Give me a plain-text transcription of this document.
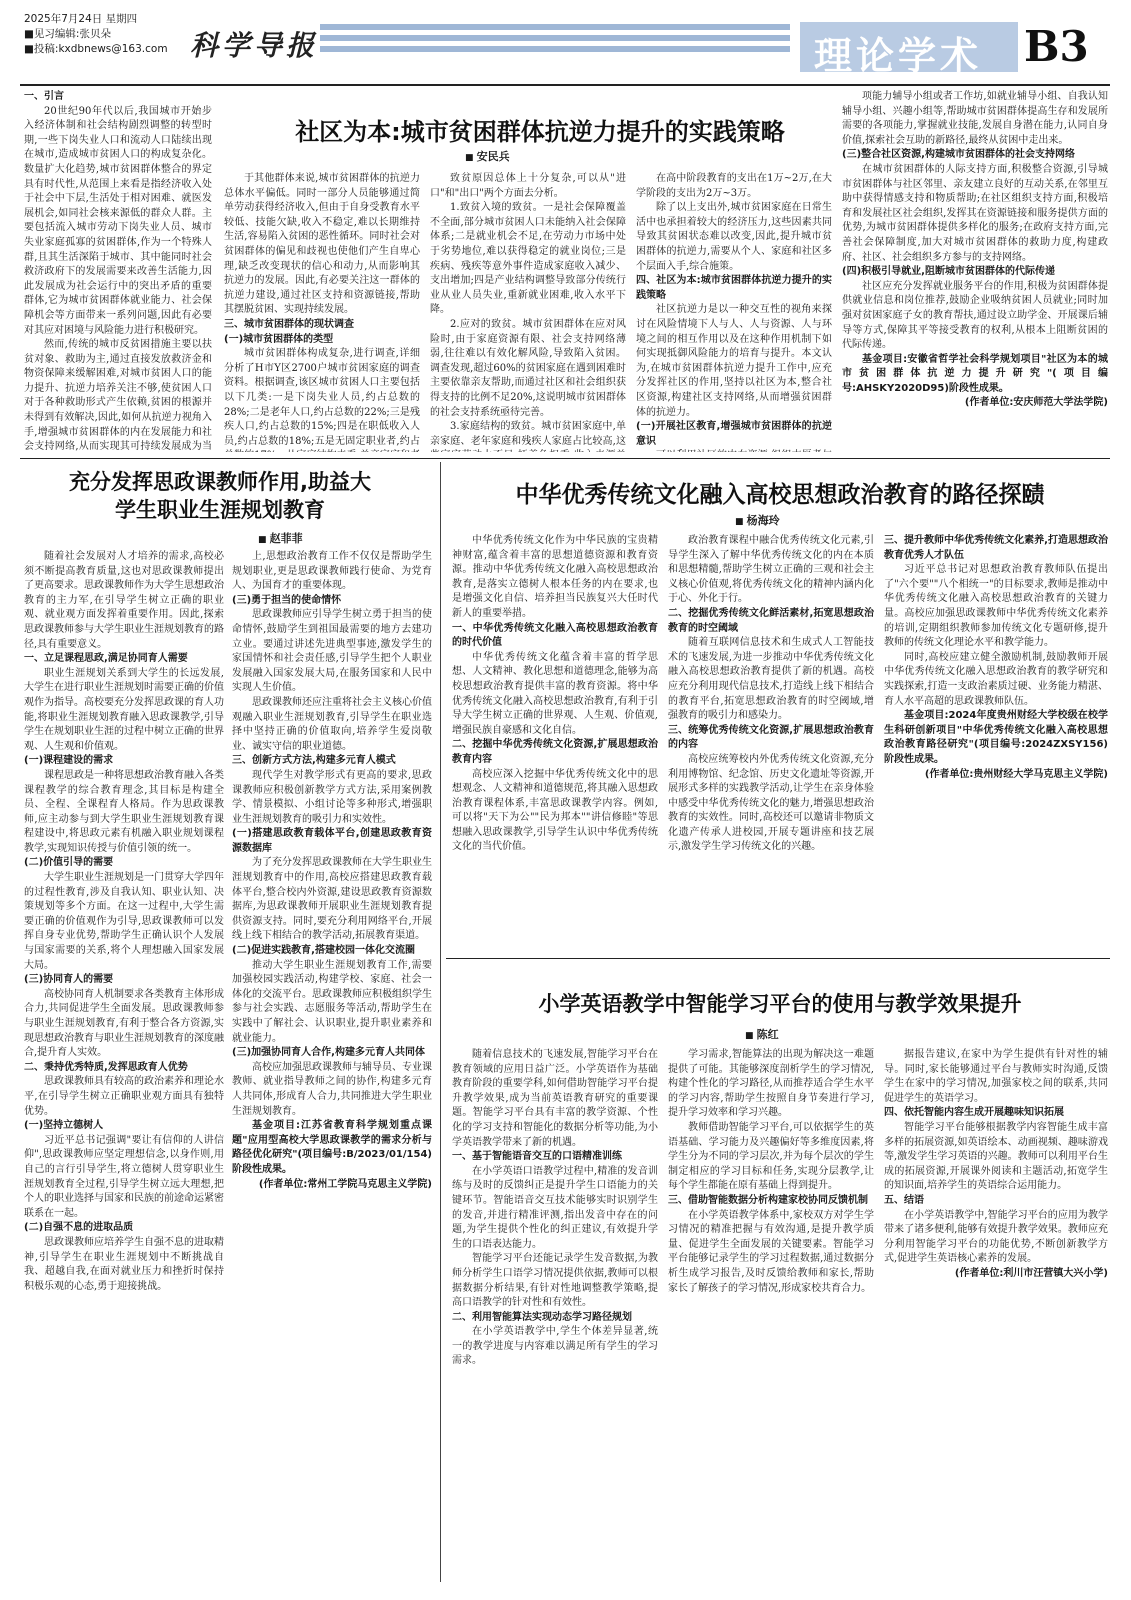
2025年7月24日 星期四
■见习编辑:张贝朵
■投稿:kxdbnews@163.com 科学导报	理论学术 B3
社区为本:城市贫困群体抗逆力提升的实践策略
■ 安民兵

一、引言

20世纪90年代以后,我国城市开始步入经济体制和社会结构剧烈调整的转型时期,一些下岗失业人口和流动人口陆续出现在城市,造成城市贫困人口的构成复杂化。数量扩大化趋势,城市贫困群体整合的界定具有时代性,从范围上来看是指经济收入处于社会中下层,生活处于相对困难、就医发展机会,如同社会核来源低的群众人群。主要包括流入城市劳动下岗失业人员、城市失业家庭孤寡的贫困群体,作为一个特殊人群,且其生活深陷于城市、其中能同时社会救济政府下的发展需要来改善生活能力,因此发展成为社会运行中的突出矛盾的重要群体,它为城市贫困群体就业能力、社会保障机会等方面带来一系列问题,因此有必要对其应对困境与风险能力进行积极研究。

然而,传统的城市反贫困措施主要以扶贫对象、救助为主,通过直接发放救济金和物资保障来缓解困难,对城市贫困人口的能力提升、抗逆力培养关注不够,使贫困人口对于各种救助形式产生依赖,贫困的根源并未得到有效解决,因此,如何从抗逆力视角入手,增强城市贫困群体的内在发展能力和社会支持网络,从而实现其可持续发展成为当

于其他群体来说,城市贫困群体的抗逆力总体水平偏低。同时一部分人员能够通过简单劳动获得经济收入,但由于自身受教育水平较低、技能欠缺,收入不稳定,难以长期维持生活,容易陷入贫困的恶性循环。同时社会对贫困群体的偏见和歧视也使他们产生自卑心理,缺乏改变现状的信心和动力,从而影响其抗逆力的发展。因此,有必要关注这一群体的抗逆力建设,通过社区支持和资源链接,帮助其摆脱贫困、实现持续发展。

三、城市贫困群体的现状调查

(一)城市贫困群体的类型

城市贫困群体构成复杂,进行调查,详细分析了H市Y区2700户城市贫困家庭的调查资料。根据调查,该区城市贫困人口主要包括以下几类:一是下岗失业人员,约占总数的28%;二是老年人口,约占总数的22%;三是残疾人口,约占总数的15%;四是在职低收入人员,约占总数的18%;五是无固定职业者,约占

致贫原因总体上十分复杂,可以从"进口"和"出口"两个方面去分析。

1.致贫入境的致贫。一是社会保障覆盖不全面,部分城市贫困人口未能纳入社会保障体系;二是就业机会不足,在劳动力市场中处于劣势地位,难以获得稳定的就业岗位;三是疾病、残疾等意外事件造成家庭收入减少、支出增加;四是产业结构调整导致部分传统行业从业人员失业,重新就业困难,收入水平下降。

2.应对的致贫。城市贫困群体在应对风险时,由于家庭资源有限、社会支持网络薄弱,往往难以有效化解风险,导致陷入贫困。调查发现,超过60%的贫困家庭在遇到困难时主要依靠亲友帮助,而通过社区和社会组织获得支持的比例不足20%,这说明城市贫困群体的社会支持系统亟待完善。

3.家庭结构的致贫。城市贫困家庭中,单亲家庭、老年家庭和残疾人家庭占比较高,这

在高中阶段教育的支出在1万~2万,在大学阶段的支出为2万~3万。

除了以上支出外,城市贫困家庭在日常生活中也承担着较大的经济压力,这些因素共同导致其贫困状态难以改变,因此,提升城市贫困群体的抗逆力,需要从个人、家庭和社区多个层面入手,综合施策。

四、社区为本:城市贫困群体抗逆力提升的实践策略

社区抗逆力是以一种交互性的视角来探讨在风险情境下人与人、人与资源、人与环境之间的相互作用以及在这种作用机制下如何实现抵御风险能力的培育与提升。本文认为,在城市贫困群体抗逆力提升工作中,应充分发挥社区的作用,坚持以社区为本,整合社区资源,构建社区支持网络,从而增强贫困群体的抗逆力。

(一)开展社区教育,增强城市贫困群体的抗逆意识

项能力辅导小组或者工作坊,如就业辅导小组、自我认知辅导小组、兴趣小组等,帮助城市贫困群体提高生存和发展所需要的各项能力,掌握就业技能,发展自身潜在能力,认同自身价值,探索社会互助的新路径,最终从贫困中走出来。

(三)整合社区资源,构建城市贫困群体的社会支持网络

在城市贫困群体的人际支持方面,积极整合资源,引导城市贫困群体与社区邻里、亲友建立良好的互动关系,在邻里互助中获得情感支持和物质帮助;在社区组织支持方面,积极培育和发展社区社会组织,发挥其在资源链接和服务提供方面的优势,为城市贫困群体提供多样化的服务;在政府支持方面,完善社会保障制度,加大对城市贫困群体的救助力度,构建政府、社区、社会组织多方参与的支持网络。

(四)积极引导就业,阻断城市贫困群体的代际传递

社区应充分发挥就业服务平台的作用,积极为贫困群体提供就业信息和岗位推荐,鼓励企业吸纳贫困人员就业;同时加强对贫困家庭子女的教育帮扶,通过设立助学金、开展课后辅导等方式,保障其平等接受教育的权利,从根本上阻断贫困的代际传递。

基金项目:安徽省哲学社会科学规划项目"社区为本的城市贫困群体抗逆力提升研究"(项目编号:AHSKY2020D95)阶段性成果。

(作者单位:安庆师范大学法学院)

充分发挥思政课教师作用,助益大学生职业生涯规划教育
■ 赵菲菲

随着社会发展对人才培养的需求,高校必须不断提高教育质量,这也对思政课教师提出了更高要求。思政课教师作为大学生思想政治教育的主力军,在引导学生树立正确的职业观、就业观方面发挥着重要作用。因此,探索思政课教师参与大学生职业生涯规划教育的路径,具有重要意义。

一、立足课程思政,满足协同育人需要

职业生涯规划关系到大学生的长远发展,大学生在进行职业生涯规划时需要正确的价值观作为指导。高校要充分发挥思政课的育人功能,将职业生涯规划教育融入思政课教学,引导学生在规划职业生涯的过程中树立正确的世界观、人生观和价值观。

(一)课程建设的需求

课程思政是一种将思想政治教育融入各类课程教学的综合教育理念,其目标是构建全员、全程、全课程育人格局。作为思政课教师,应主动参与到大学生职业生涯规划教育课程建设中,将思政元素有机融入职业规划课程教学,实现知识传授与价值引领的统一。

(二)价值引导的需要

大学生职业生涯规划是一门贯穿大学四年的过程性教育,涉及自我认知、职业认知、决策规划等多个方面。在这一过程中,大学生需要正确的价值观作为引导,思政课教师可以发挥自身专业优势,帮助学生正确认识个人发展与国家需要的关系,将个人理想融入国家发展大局。

(三)协同育人的需要

高校协同育人机制要求各类教育主体形成合力,共同促进学生全面发展。思政课教师参与职业生涯规划教育,有利于整合各方资源,实现思想政治教育与职业生涯规划教育的深度融合,提升育人实效。

二、秉持优秀特质,发挥思政育人优势

思政课教师具有较高的政治素养和理论水平,在引导学生树立正确职业观方面具有独特优势。

(一)坚持立德树人

习近平总书记强调"要让有信仰的人讲信仰",思政课教师应坚定理想信念,以身作则,用自己的言行引导学生,将立德树人贯穿职业生涯规划教育全过程,引导学生树立远大理想,把个人的职业选择与国家和民族的前途命运紧密联系在一起。

(二)自强不息的进取品质

思政课教师应培养学生自强不息的进取精神,引导学生在职业生涯规划中不断挑战自我、超越自我,在面对就业压力和挫折时保持积极乐观的心态,勇于迎接挑战。

上,思想政治教育工作不仅仅是帮助学生规划职业,更是思政课教师践行使命、为党育人、为国育才的重要体现。

(三)勇于担当的使命情怀

思政课教师应引导学生树立勇于担当的使命情怀,鼓励学生到祖国最需要的地方去建功立业。要通过讲述先进典型事迹,激发学生的家国情怀和社会责任感,引导学生把个人职业发展融入国家发展大局,在服务国家和人民中实现人生价值。

思政课教师还应注重将社会主义核心价值观融入职业生涯规划教育,引导学生在职业选择中坚持正确的价值取向,培养学生爱岗敬业、诚实守信的职业道德。

三、创新方式方法,构建多元育人模式

现代学生对教学形式有更高的要求,思政课教师应积极创新教学方式方法,采用案例教学、情景模拟、小组讨论等多种形式,增强职业生涯规划教育的吸引力和实效性。

(一)搭建思政教育载体平台,创建思政教育资源数据库

为了充分发挥思政课教师在大学生职业生涯规划教育中的作用,高校应搭建思政教育载体平台,整合校内外资源,建设思政教育资源数据库,为思政课教师开展职业生涯规划教育提供资源支持。同时,要充分利用网络平台,开展线上线下相结合的教学活动,拓展教育渠道。

(二)促进实践教育,搭建校园一体化交流圈

推动大学生职业生涯规划教育工作,需要加强校园实践活动,构建学校、家庭、社会一体化的交流平台。思政课教师应积极组织学生参与社会实践、志愿服务等活动,帮助学生在实践中了解社会、认识职业,提升职业素养和就业能力。

(三)加强协同育人合作,构建多元育人共同体

高校应加强思政课教师与辅导员、专业课教师、就业指导教师之间的协作,构建多元育人共同体,形成育人合力,共同推进大学生职业生涯规划教育。

基金项目:江苏省教育科学规划重点课题"应用型高校大学思政课教学的需求分析与路径优化研究"(项目编号:B/2023/01/154)阶段性成果。

(作者单位:常州工学院马克思主义学院)

中华优秀传统文化融入高校思想政治教育的路径探赜
■ 杨海玲

中华优秀传统文化作为中华民族的宝贵精神财富,蕴含着丰富的思想道德资源和教育资源。推动中华优秀传统文化融入高校思想政治教育,是落实立德树人根本任务的内在要求,也是增强文化自信、培养担当民族复兴大任时代新人的重要举措。

一、中华优秀传统文化融入高校思想政治教育的时代价值

中华优秀传统文化蕴含着丰富的哲学思想、人文精神、教化思想和道德理念,能够为高校思想政治教育提供丰富的教育资源。将中华优秀传统文化融入高校思想政治教育,有利于引导大学生树立正确的世界观、人生观、价值观,增强民族自豪感和文化自信。

二、挖掘中华优秀传统文化资源,扩展思想政治教育内容

高校应深入挖掘中华优秀传统文化中的思想观念、人文精神和道德规范,将其融入思想政治教育课程体系,丰富思政课教学内容。例如,可以将"天下为公""民为邦本""讲信修睦"等思想融入思政课教学,引导学生认识中华优秀传统文化的当代价值。

政治教育课程中融合优秀传统文化元素,引导学生深入了解中华优秀传统文化的内在本质和思想精髓,帮助学生树立正确的三观和社会主义核心价值观,将优秀传统文化的精神内涵内化于心、外化于行。

二、挖掘优秀传统文化鲜活素材,拓宽思想政治教育的时空阈域

随着互联网信息技术和生成式人工智能技术的飞速发展,为进一步推动中华优秀传统文化融入高校思想政治教育提供了新的机遇。高校应充分利用现代信息技术,打造线上线下相结合的教育平台,拓宽思想政治教育的时空阈域,增强教育的吸引力和感染力。

三、统筹优秀传统文化资源,扩展思想政治教育的内容

高校应统筹校内外优秀传统文化资源,充分利用博物馆、纪念馆、历史文化遗址等资源,开展形式多样的实践教学活动,让学生在亲身体验中感受中华优秀传统文化的魅力,增强思想政治教育的实效性。同时,高校还可以邀请非物质文化遗产传承人进校园,开展专题讲座和技艺展示,激发学生学习传统文化的兴趣。

三、提升教师中华优秀传统文化素养,打造思想政治教育优秀人才队伍

习近平总书记对思想政治教育教师队伍提出了"六个要""八个相统一"的目标要求,教师是推动中华优秀传统文化融入高校思想政治教育的关键力量。高校应加强思政课教师中华优秀传统文化素养的培训,定期组织教师参加传统文化专题研修,提升教师的传统文化理论水平和教学能力。

同时,高校应建立健全激励机制,鼓励教师开展中华优秀传统文化融入思想政治教育的教学研究和实践探索,打造一支政治素质过硬、业务能力精湛、育人水平高超的思政课教师队伍。

基金项目:2024年度贵州财经大学校级在校学生科研创新项目"中华优秀传统文化融入高校思想政治教育路径研究"(项目编号:2024ZXSY156)阶段性成果。

(作者单位:贵州财经大学马克思主义学院)

小学英语教学中智能学习平台的使用与教学效果提升
■ 陈红

随着信息技术的飞速发展,智能学习平台在教育领域的应用日益广泛。小学英语作为基础教育阶段的重要学科,如何借助智能学习平台提升教学效果,成为当前英语教育研究的重要课题。智能学习平台具有丰富的教学资源、个性化的学习支持和智能化的数据分析等功能,为小学英语教学带来了新的机遇。

一、基于智能语音交互的口语精准训练

在小学英语口语教学过程中,精准的发音训练与及时的反馈纠正是提升学生口语能力的关键环节。智能语音交互技术能够实时识别学生的发音,并进行精准评测,指出发音中存在的问题,为学生提供个性化的纠正建议,有效提升学生的口语表达能力。

智能学习平台还能记录学生发音数据,为教师分析学生口语学习情况提供依据,教师可以根据数据分析结果,有针对性地调整教学策略,提高口语教学的针对性和有效性。

二、利用智能算法实现动态学习路径规划

在小学英语教学中,学生个体差异显著,统一的教学进度与内容难以满足所有学生的学习需求。

学习需求,智能算法的出现为解决这一难题提供了可能。其能够深度剖析学生的学习情况,构建个性化的学习路径,从而推荐适合学生水平的学习内容,帮助学生按照自身节奏进行学习,提升学习效率和学习兴趣。

教师借助智能学习平台,可以依据学生的英语基础、学习能力及兴趣偏好等多维度因素,将学生分为不同的学习层次,并为每个层次的学生制定相应的学习目标和任务,实现分层教学,让每个学生都能在原有基础上得到提升。

三、借助智能数据分析构建家校协同反馈机制

在小学英语教学体系中,家校双方对学生学习情况的精准把握与有效沟通,是提升教学质量、促进学生全面发展的关键要素。智能学习平台能够记录学生的学习过程数据,通过数据分析生成学习报告,及时反馈给教师和家长,帮助家长了解孩子的学习情况,形成家校共育合力。

据报告建议,在家中为学生提供有针对性的辅导。同时,家长能够通过平台与教师实时沟通,反馈学生在家中的学习情况,加强家校之间的联系,共同促进学生的英语学习。

四、依托智能内容生成开展趣味知识拓展

智能学习平台能够根据教学内容智能生成丰富多样的拓展资源,如英语绘本、动画视频、趣味游戏等,激发学生学习英语的兴趣。教师可以利用平台生成的拓展资源,开展课外阅读和主题活动,拓宽学生的知识面,培养学生的英语综合运用能力。

五、结语

在小学英语教学中,智能学习平台的应用为教学带来了诸多便利,能够有效提升教学效果。教师应充分利用智能学习平台的功能优势,不断创新教学方式,促进学生英语核心素养的发展。

(作者单位:利川市汪营镇大兴小学)
